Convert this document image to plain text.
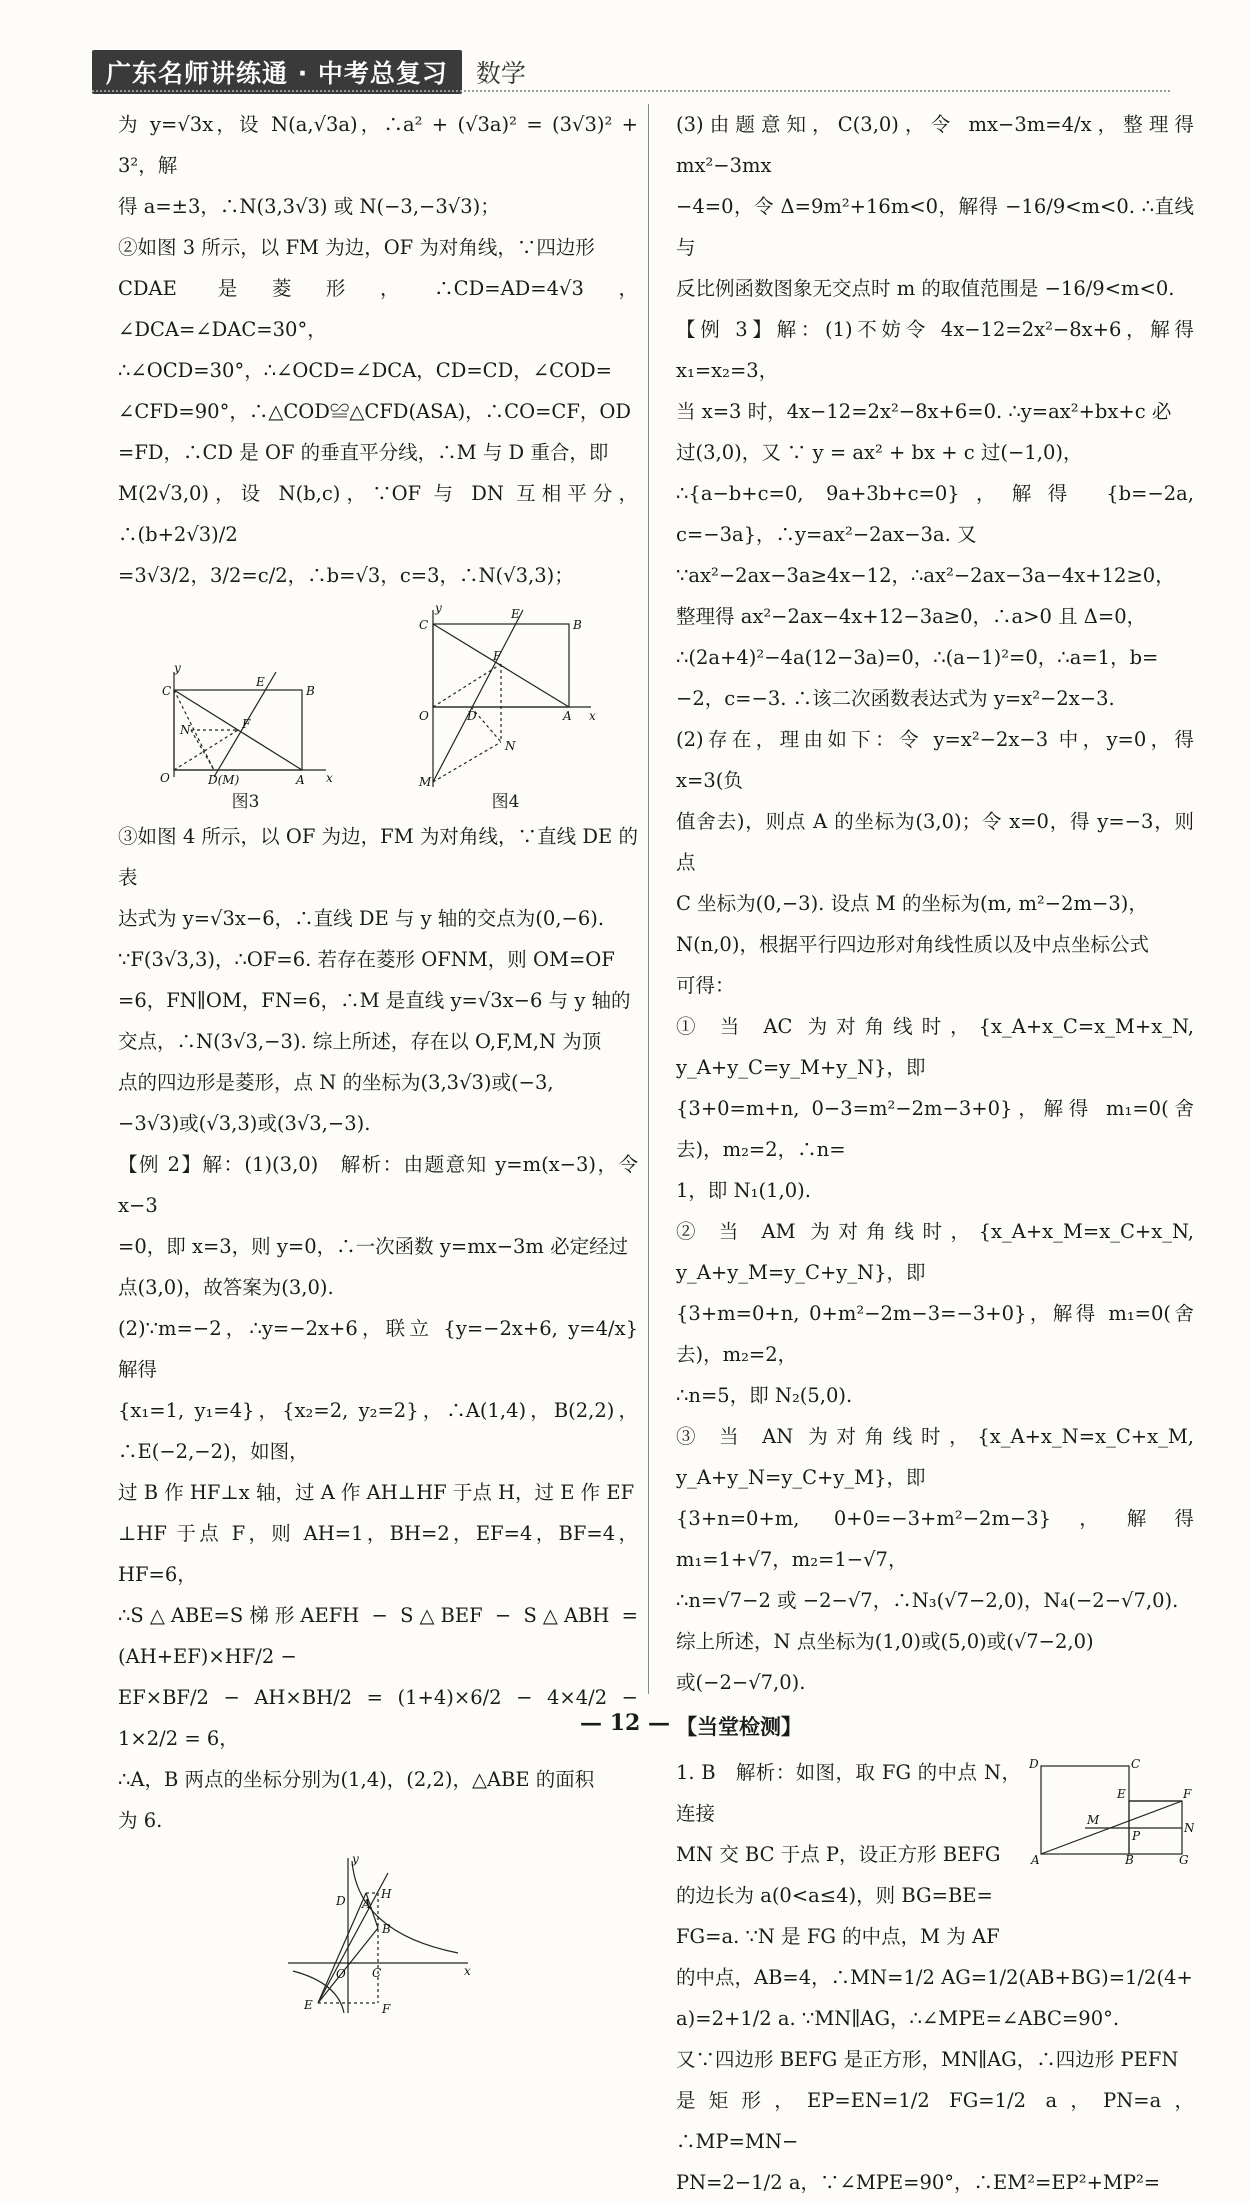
广东名师讲练通 · 中考总复习	数学

为 y=√3x，设 N(a,√3a)，∴a² + (√3a)² = (3√3)² + 3²，解

得 a=±3，∴N(3,3√3) 或 N(−3,−3√3)；

②如图 3 所示，以 FM 为边，OF 为对角线，∵四边形

CDAE 是菱形，∴CD=AD=4√3，∠DCA=∠DAC=30°，

∴∠OCD=30°，∴∠OCD=∠DCA，CD=CD，∠COD=

∠CFD=90°，∴△COD≌△CFD(ASA)，∴CO=CF，OD

=FD，∴CD 是 OF 的垂直平分线，∴M 与 D 重合，即

M(2√3,0)，设 N(b,c)，∵OF 与 DN 互相平分，∴(b+2√3)/2

=3√3/2，3/2=c/2，∴b=√3，c=3，∴N(√3,3)；

y
C
E
B
N	F
O	D(M)	A x
图3
y
C
E
B
F
O	D	A x
N
M
图4

③如图 4 所示，以 OF 为边，FM 为对角线，∵直线 DE 的表

达式为 y=√3x−6，∴直线 DE 与 y 轴的交点为(0,−6).

∵F(3√3,3)，∴OF=6. 若存在菱形 OFNM，则 OM=OF

=6，FN∥OM，FN=6，∴M 是直线 y=√3x−6 与 y 轴的

交点，∴N(3√3,−3). 综上所述，存在以 O,F,M,N 为顶

点的四边形是菱形，点 N 的坐标为(3,3√3)或(−3,

−3√3)或(√3,3)或(3√3,−3).

【例 2】解：(1)(3,0)　解析：由题意知 y=m(x−3)，令 x−3

=0，即 x=3，则 y=0，∴一次函数 y=mx−3m 必定经过

点(3,0)，故答案为(3,0).

(2)∵m=−2，∴y=−2x+6，联立 {y=−2x+6, y=4/x}　解得

{x₁=1, y₁=4}，{x₂=2, y₂=2}，∴A(1,4)，B(2,2)，∴E(−2,−2)，如图，

过 B 作 HF⊥x 轴，过 A 作 AH⊥HF 于点 H，过 E 作 EF

⊥HF 于点 F，则 AH=1，BH=2，EF=4，BF=4，HF=6，

∴S△ABE=S梯形AEFH − S△BEF − S△ABH = (AH+EF)×HF/2 −

EF×BF/2 − AH×BH/2 = (1+4)×6/2 − 4×4/2 − 1×2/2 = 6，

∴A，B 两点的坐标分别为(1,4)，(2,2)，△ABE 的面积

为 6.

y
D A
H
B
O C	x
E	F

(3)由题意知，C(3,0)，令 mx−3m=4/x，整理得 mx²−3mx

−4=0，令 Δ=9m²+16m<0，解得 −16/9<m<0. ∴直线与

反比例函数图象无交点时 m 的取值范围是 −16/9<m<0.

【例 3】解：(1)不妨令 4x−12=2x²−8x+6，解得 x₁=x₂=3，

当 x=3 时，4x−12=2x²−8x+6=0. ∴y=ax²+bx+c 必

过(3,0)，又 ∵ y = ax² + bx + c 过(−1,0)，

∴{a−b+c=0, 9a+3b+c=0}，解得 {b=−2a, c=−3a}，∴y=ax²−2ax−3a. 又

∵ax²−2ax−3a≥4x−12，∴ax²−2ax−3a−4x+12≥0，

整理得 ax²−2ax−4x+12−3a≥0，∴a>0 且 Δ=0，

∴(2a+4)²−4a(12−3a)=0，∴(a−1)²=0，∴a=1，b=

−2，c=−3. ∴该二次函数表达式为 y=x²−2x−3.

(2)存在，理由如下：令 y=x²−2x−3 中，y=0，得 x=3(负

值舍去)，则点 A 的坐标为(3,0)；令 x=0，得 y=−3，则点

C 坐标为(0,−3). 设点 M 的坐标为(m, m²−2m−3)，

N(n,0)，根据平行四边形对角线性质以及中点坐标公式

可得：

① 当 AC 为对角线时，{x_A+x_C=x_M+x_N, y_A+y_C=y_M+y_N}，即

{3+0=m+n, 0−3=m²−2m−3+0}，解得 m₁=0(舍去)，m₂=2，∴n=

1，即 N₁(1,0).

② 当 AM 为对角线时，{x_A+x_M=x_C+x_N, y_A+y_M=y_C+y_N}，即

{3+m=0+n, 0+m²−2m−3=−3+0}，解得 m₁=0(舍去)，m₂=2，

∴n=5，即 N₂(5,0).

③ 当 AN 为对角线时，{x_A+x_N=x_C+x_M, y_A+y_N=y_C+y_M}，即

{3+n=0+m, 0+0=−3+m²−2m−3}，解得 m₁=1+√7，m₂=1−√7，

∴n=√7−2 或 −2−√7，∴N₃(√7−2,0)，N₄(−2−√7,0).

综上所述，N 点坐标为(1,0)或(5,0)或(√7−2,0)

或(−2−√7,0).

【当堂检测】
D	C
E	F
M
P
N
A	B	G

1. B　解析：如图，取 FG 的中点 N，连接

MN 交 BC 于点 P，设正方形 BEFG

的边长为 a(0<a≤4)，则 BG=BE=

FG=a. ∵N 是 FG 的中点，M 为 AF

的中点，AB=4，∴MN=1/2 AG=1/2(AB+BG)=1/2(4+

a)=2+1/2 a. ∵MN∥AG，∴∠MPE=∠ABC=90°.

又∵四边形 BEFG 是正方形，MN∥AG，∴四边形 PEFN

是矩形，EP=EN=1/2 FG=1/2 a，PN=a，∴MP=MN−

PN=2−1/2 a，∵∠MPE=90°，∴EM²=EP²+MP²=

— 12 —
